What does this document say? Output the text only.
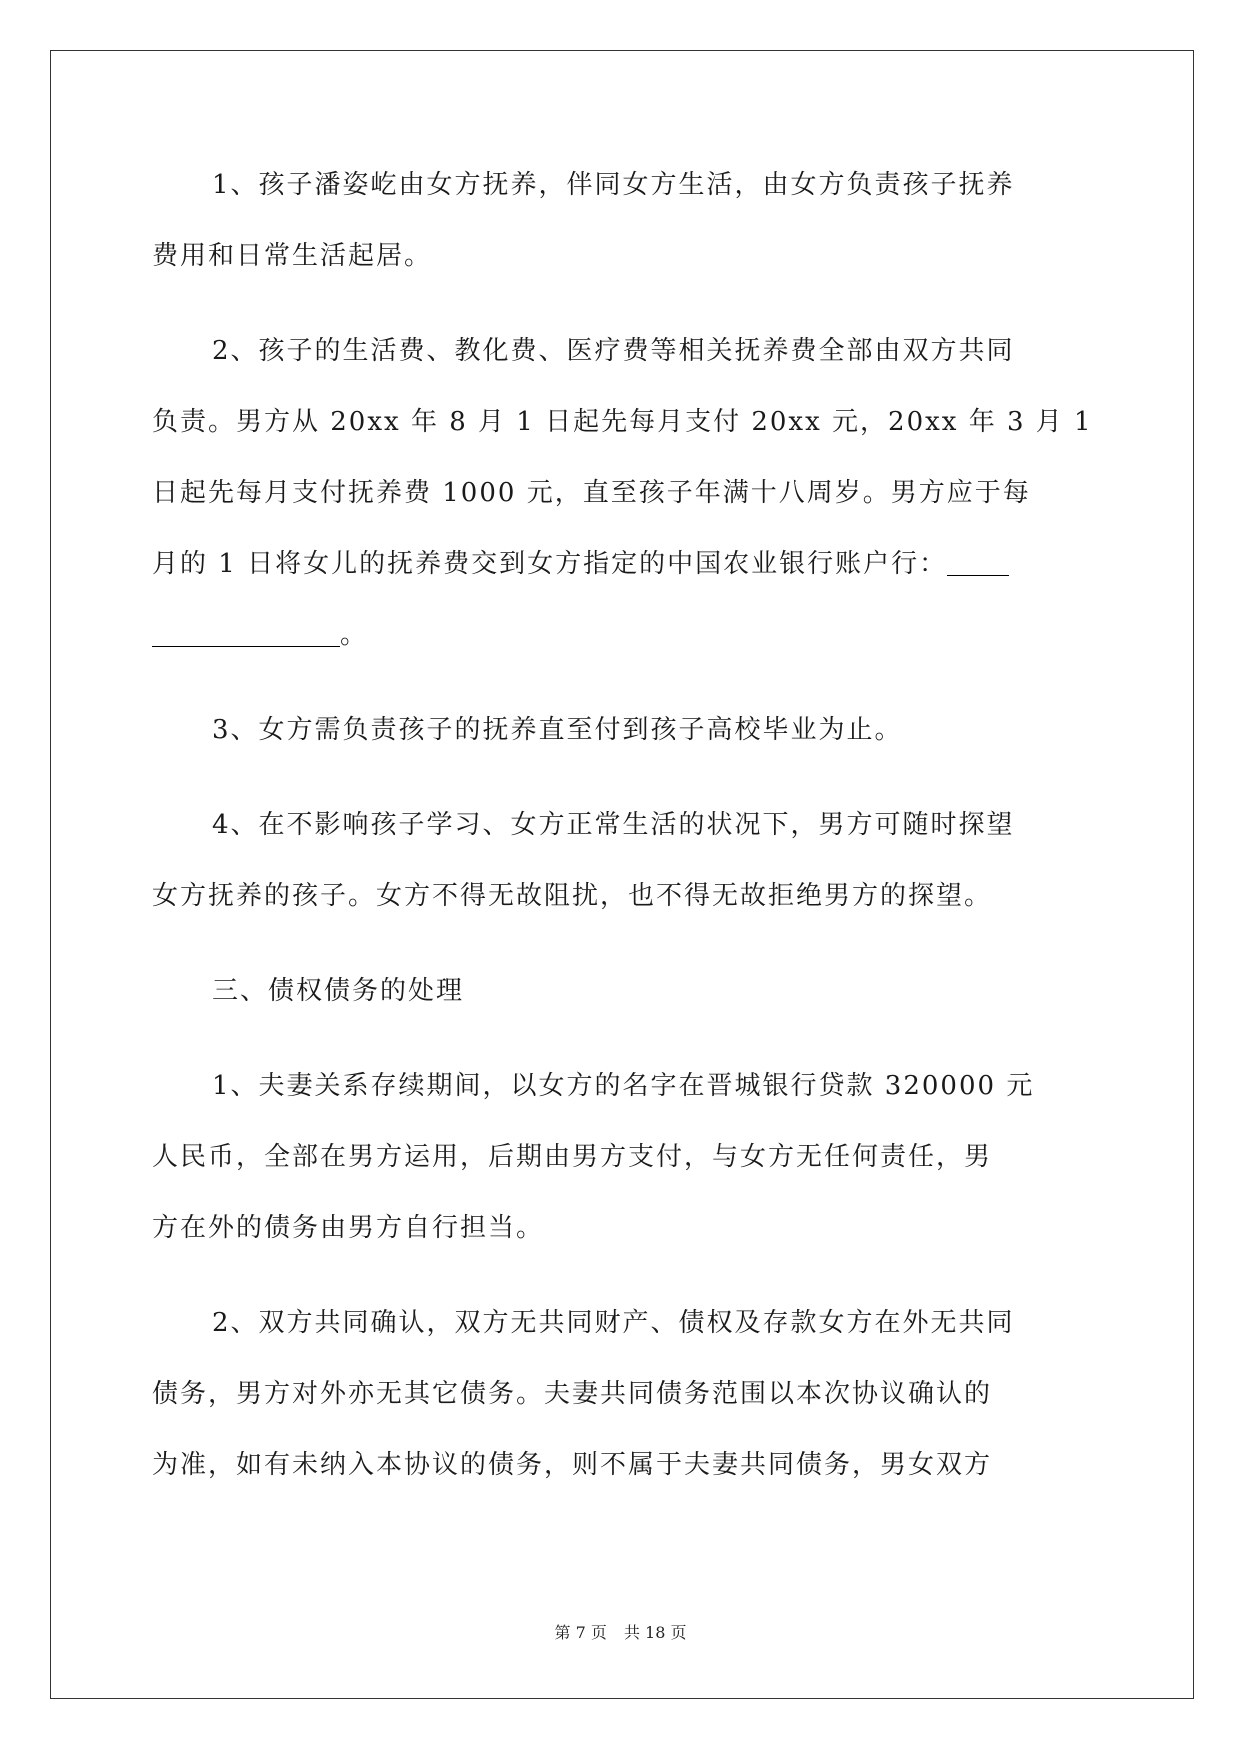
1、孩子潘姿屹由女方抚养，伴同女方生活，由女方负责孩子抚养
费用和日常生活起居。
2、孩子的生活费、教化费、医疗费等相关抚养费全部由双方共同
负责。男方从 20xx 年 8 月 1 日起先每月支付 20xx 元，20xx 年 3 月 1
日起先每月支付抚养费 1000 元，直至孩子年满十八周岁。男方应于每
月的 1 日将女儿的抚养费交到女方指定的中国农业银行账户行：
。
3、女方需负责孩子的抚养直至付到孩子高校毕业为止。
4、在不影响孩子学习、女方正常生活的状况下，男方可随时探望
女方抚养的孩子。女方不得无故阻扰，也不得无故拒绝男方的探望。
三、债权债务的处理
1、夫妻关系存续期间，以女方的名字在晋城银行贷款 320000 元
人民币，全部在男方运用，后期由男方支付，与女方无任何责任，男
方在外的债务由男方自行担当。
2、双方共同确认，双方无共同财产、债权及存款女方在外无共同
债务，男方对外亦无其它债务。夫妻共同债务范围以本次协议确认的
为准，如有未纳入本协议的债务，则不属于夫妻共同债务，男女双方
第 7 页 共 18 页
